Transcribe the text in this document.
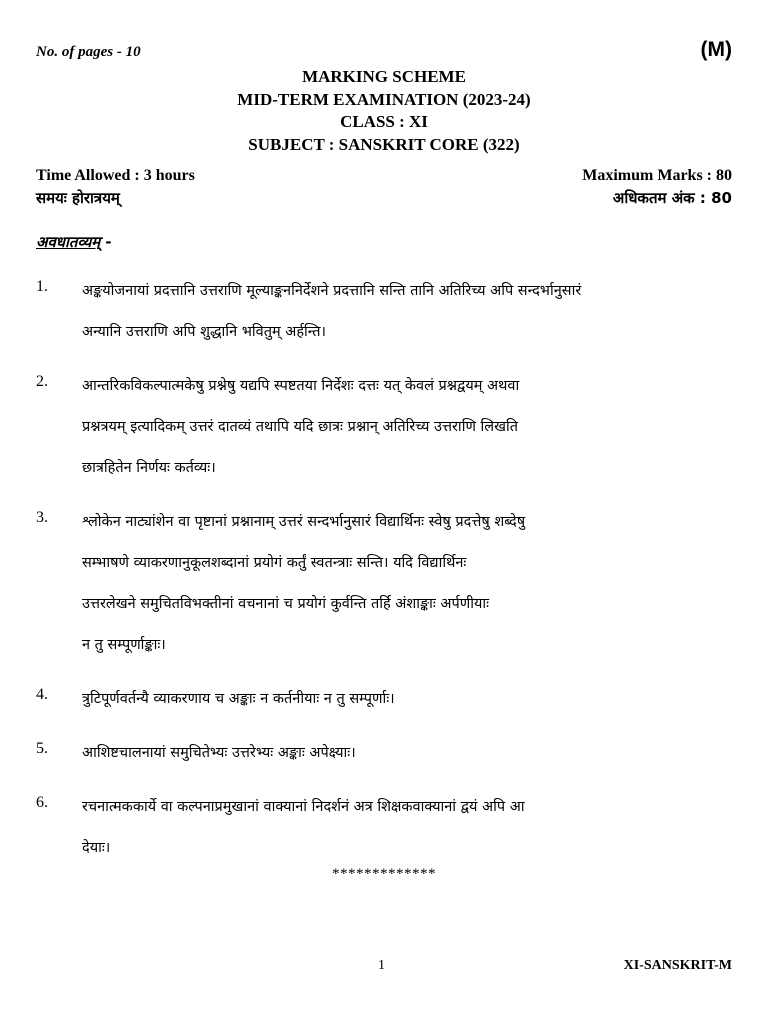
No. of pages - 10	(M)
MARKING SCHEME
MID-TERM EXAMINATION (2023-24)
CLASS : XI
SUBJECT : SANSKRIT CORE (322)
Time Allowed : 3 hours	Maximum Marks : 80
समयः होरात्रयम्	अधिकतम अंक : 80
अवधातव्यम् -
1. अङ्कयोजनायां प्रदत्तानि उत्तराणि मूल्याङ्कननिर्देशने प्रदत्तानि सन्ति तानि अतिरिच्य अपि सन्दर्भानुसारं
अन्यानि उत्तराणि अपि शुद्धानि भवितुम् अर्हन्ति।
2. आन्तरिकविकल्पात्मकेषु प्रश्नेषु यद्यपि स्पष्टतया निर्देशः दत्तः यत् केवलं प्रश्नद्वयम् अथवा
प्रश्नत्रयम् इत्यादिकम् उत्तरं दातव्यं तथापि यदि छात्रः प्रश्नान् अतिरिच्य उत्तराणि लिखति
छात्रहितेन निर्णयः कर्तव्यः।
3. श्लोकेन नाट्यांशेन वा पृष्टानां प्रश्नानाम् उत्तरं सन्दर्भानुसारं विद्यार्थिनः स्वेषु प्रदत्तेषु शब्देषु
सम्भाषणे व्याकरणानुकूलशब्दानां प्रयोगं कर्तुं स्वतन्त्राः सन्ति। यदि विद्यार्थिनः
उत्तरलेखने समुचितविभक्तीनां वचनानां च प्रयोगं कुर्वन्ति तर्हि अंशाङ्काः अर्पणीयाः
न तु सम्पूर्णाङ्काः।
4. त्रुटिपूर्णवर्तन्यै व्याकरणाय च अङ्काः न कर्तनीयाः न तु सम्पूर्णाः।
5. आशिष्टचालनायां समुचितेभ्यः उत्तरेभ्यः अङ्काः अपेक्ष्याः।
6. रचनात्मककार्ये वा कल्पनाप्रमुखानां वाक्यानां निदर्शनं अत्र शिक्षकवाक्यानां द्वयं अपि आ
देयाः।
*************
1	XI-SANSKRIT-M
